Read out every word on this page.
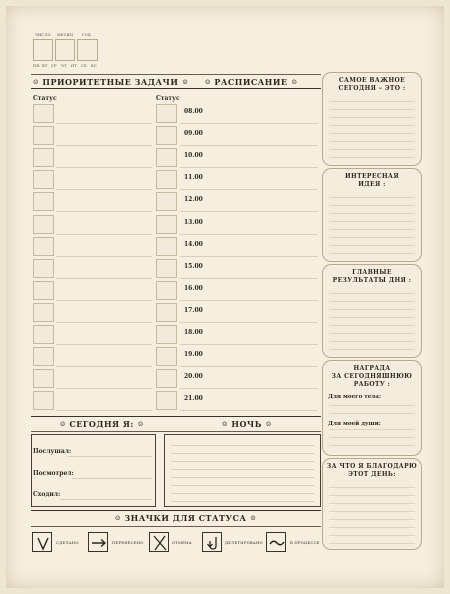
ЧИСЛО МЕСЯЦ ГОД
ПН ВТ СР ЧТ ПТ СБ ВС
☺ ПРИОРИТЕТНЫЕ ЗАДАЧИ ☺	☺ РАСПИСАНИЕ ☺
Статус	Статус
08.00
09.00
10.00
11.00
12.00
13.00
14.00
15.00
16.00
17.00
18.00
19.00
20.00
21.00
САМОЕ ВАЖНОЕ
СЕГОДНЯ – ЭТО :
ИНТЕРЕСНАЯ
ИДЕЯ :
ГЛАВНЫЕ
РЕЗУЛЬТАТЫ ДНЯ :
НАГРАДА
ЗА СЕГОДНЯШНЮЮ
РАБОТУ :
Для моего тела:
Для моей души:
ЗА ЧТО Я БЛАГОДАРЮ
ЭТОТ ДЕНЬ:
☺ СЕГОДНЯ Я: ☺	☺ НОЧЬ ☺
Послушал:
Посмотрел:
Сходил:
☺ ЗНАЧКИ ДЛЯ СТАТУСА ☺
СДЕЛАНО	ПЕРЕНЕСЕНО	ОТМЕНА	ДЕЛЕГИРОВАНО	В ПРОЦЕССЕ
